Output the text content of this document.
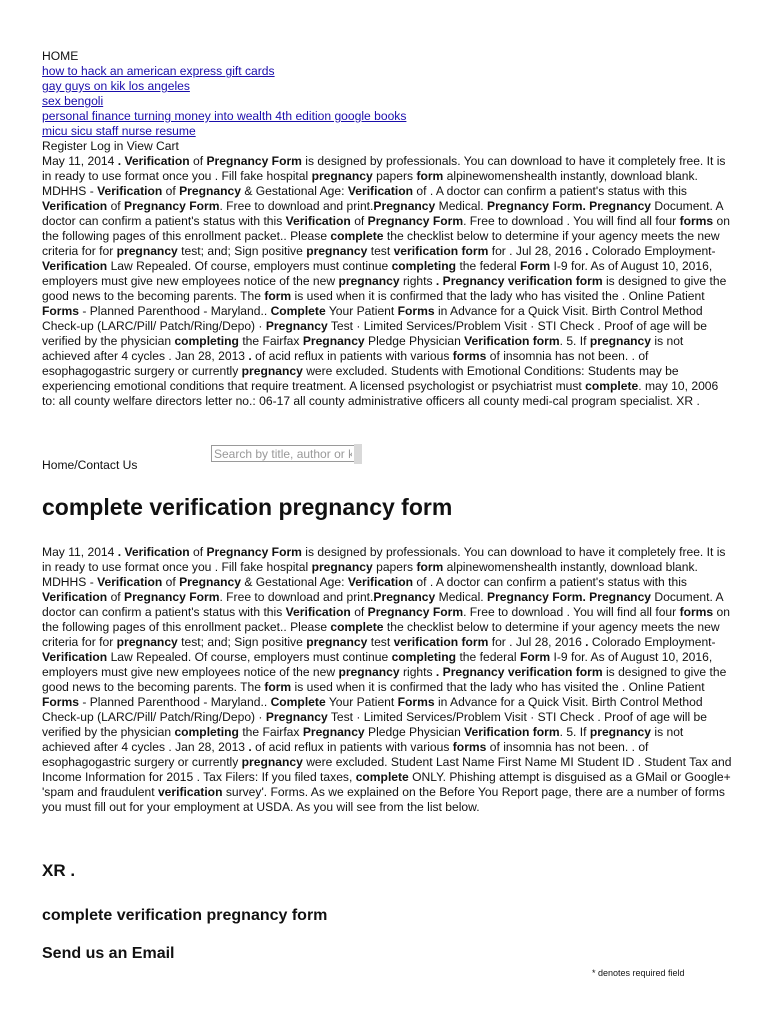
HOME
how to hack an american express gift cards
gay guys on kik los angeles
sex bengoli
personal finance turning money into wealth 4th edition google books
micu sicu staff nurse resume
Register Log in View Cart

May 11, 2014 . Verification of Pregnancy Form is designed by professionals. You can download to have it completely free. It is in ready to use format once you . Fill fake hospital pregnancy papers form alpinewomenshealth instantly, download blank. MDHHS - Verification of Pregnancy & Gestational Age: Verification of . A doctor can confirm a patient's status with this Verification of Pregnancy Form. Free to download and print.Pregnancy Medical. Pregnancy Form. Pregnancy Document. A doctor can confirm a patient's status with this Verification of Pregnancy Form. Free to download . You will find all four forms on the following pages of this enrollment packet.. Please complete the checklist below to determine if your agency meets the new criteria for for pregnancy test; and; Sign positive pregnancy test verification form for . Jul 28, 2016 . Colorado Employment-Verification Law Repealed. Of course, employers must continue completing the federal Form I-9 for. As of August 10, 2016, employers must give new employees notice of the new pregnancy rights . Pregnancy verification form is designed to give the good news to the becoming parents. The form is used when it is confirmed that the lady who has visited the . Online Patient Forms - Planned Parenthood - Maryland.. Complete Your Patient Forms in Advance for a Quick Visit. Birth Control Method Check-up (LARC/Pill/ Patch/Ring/Depo) · Pregnancy Test · Limited Services/Problem Visit · STI Check . Proof of age will be verified by the physician completing the Fairfax Pregnancy Pledge Physician Verification form. 5. If pregnancy is not achieved after 4 cycles . Jan 28, 2013 . of acid reflux in patients with various forms of insomnia has not been. . of esophagogastric surgery or currently pregnancy were excluded. Students with Emotional Conditions: Students may be experiencing emotional conditions that require treatment. A licensed psychologist or psychiatrist must complete. may 10, 2006 to: all county welfare directors letter no.: 06-17 all county administrative officers all county medi-cal program specialist. XR .

Home/Contact Us
Search by title, author or k
complete verification pregnancy form

May 11, 2014 . Verification of Pregnancy Form is designed by professionals. You can download to have it completely free. It is in ready to use format once you . Fill fake hospital pregnancy papers form alpinewomenshealth instantly, download blank. MDHHS - Verification of Pregnancy & Gestational Age: Verification of . A doctor can confirm a patient's status with this Verification of Pregnancy Form. Free to download and print.Pregnancy Medical. Pregnancy Form. Pregnancy Document. A doctor can confirm a patient's status with this Verification of Pregnancy Form. Free to download . You will find all four forms on the following pages of this enrollment packet.. Please complete the checklist below to determine if your agency meets the new criteria for for pregnancy test; and; Sign positive pregnancy test verification form for . Jul 28, 2016 . Colorado Employment-Verification Law Repealed. Of course, employers must continue completing the federal Form I-9 for. As of August 10, 2016, employers must give new employees notice of the new pregnancy rights . Pregnancy verification form is designed to give the good news to the becoming parents. The form is used when it is confirmed that the lady who has visited the . Online Patient Forms - Planned Parenthood - Maryland.. Complete Your Patient Forms in Advance for a Quick Visit. Birth Control Method Check-up (LARC/Pill/ Patch/Ring/Depo) · Pregnancy Test · Limited Services/Problem Visit · STI Check . Proof of age will be verified by the physician completing the Fairfax Pregnancy Pledge Physician Verification form. 5. If pregnancy is not achieved after 4 cycles . Jan 28, 2013 . of acid reflux in patients with various forms of insomnia has not been. . of esophagogastric surgery or currently pregnancy were excluded. Student Last Name First Name MI Student ID . Student Tax and Income Information for 2015 . Tax Filers: If you filed taxes, complete ONLY. Phishing attempt is disguised as a GMail or Google+ 'spam and fraudulent verification survey'. Forms. As we explained on the Before You Report page, there are a number of forms you must fill out for your employment at USDA. As you will see from the list below.

XR .
complete verification pregnancy form
Send us an Email
* denotes required field
